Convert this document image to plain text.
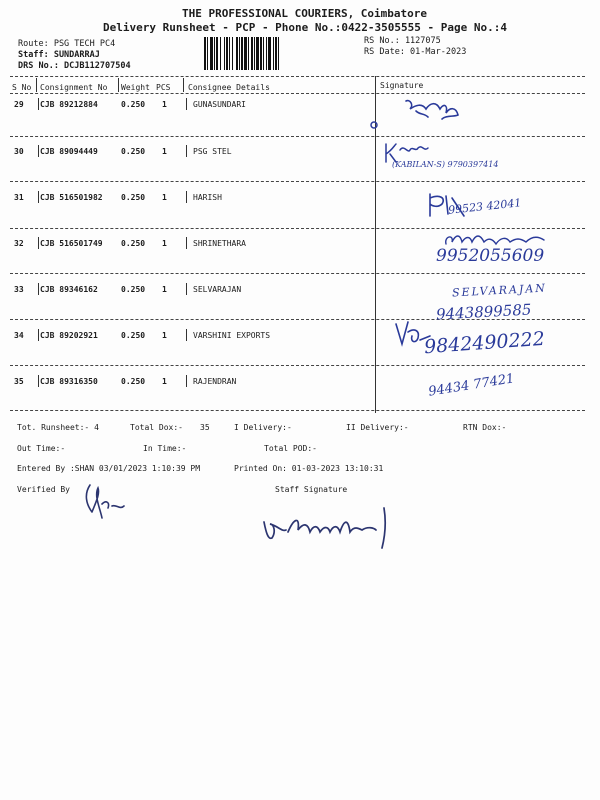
THE PROFESSIONAL COURIERS, Coimbatore
Delivery Runsheet - PCP - Phone No.:0422-3505555 - Page No.:4
Route: PSG TECH PC4
Staff: SUNDARRAJ
DRS No.: DCJB112707504
RS No.: 1127075
RS Date: 01-Mar-2023
S No Consignment No Weight PCS Consignee Details	Signature
29 CJB 89212884	0.250 1	GUNASUNDARI
30 CJB 89094449	0.250 1	PSG STEL
31 CJB 516501982 0.250 1	HARISH
32 CJB 516501749 0.250 1	SHRINETHARA
33 CJB 89346162	0.250 1	SELVARAJAN
34 CJB 89202921	0.250 1	VARSHINI EXPORTS
35 CJB 89316350	0.250 1	RAJENDRAN
Tot. Runsheet:- 4	Total Dox:- 35	I Delivery:-	II Delivery:-	RTN Dox:-
Out Time:-	In Time:-	Total POD:-
Entered By :SHAN 03/01/2023 1:10:39 PM	Printed On: 01-03-2023 13:10:31
Verified By	Staff Signature
(KABILAN-S) 9790397414
99523 42041
9952055609
SELVARAJAN
9443899585
9842490222
94434 77421
